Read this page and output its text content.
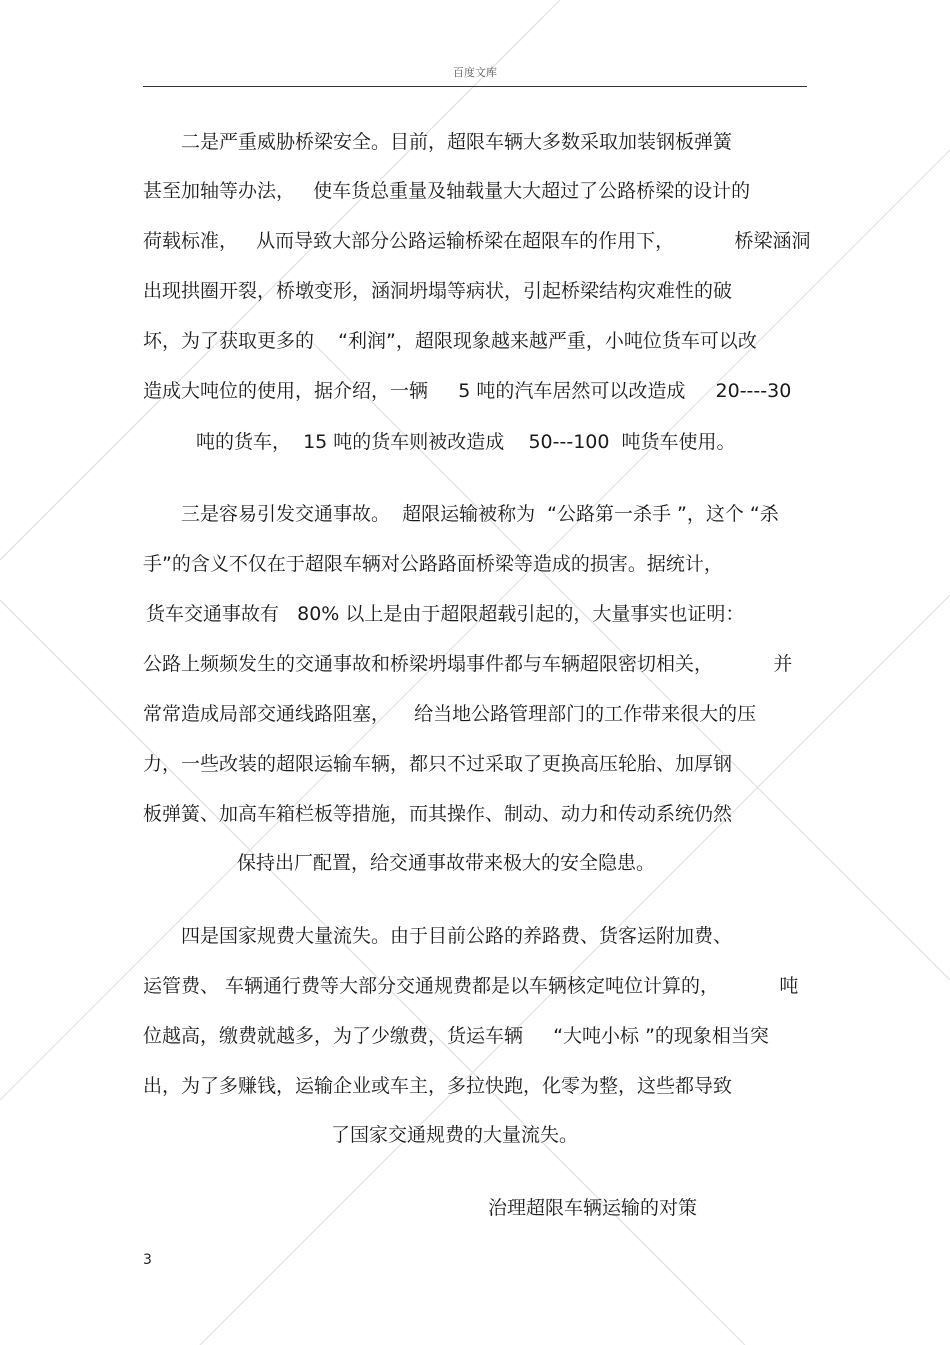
百度文库
二是严重威胁桥梁安全。目前，超限车辆大多数采取加装钢板弹簧
甚至加轴等办法，   使车货总重量及轴载量大大超过了公路桥梁的设计的
荷载标准，   从而导致大部分公路运输桥梁在超限车的作用下，          桥梁涵洞
出现拱圈开裂，桥墩变形，涵洞坍塌等病状，引起桥梁结构灾难性的破
坏，为了获取更多的    “利润”，超限现象越来越严重，小吨位货车可以改
造成大吨位的使用，据介绍，一辆     5 吨的汽车居然可以改造成     20----30
吨的货车，  15 吨的货车则被改造成    50---100  吨货车使用。
三是容易引发交通事故。  超限运输被称为  “公路第一杀手 ”，这个 “杀
手”的含义不仅在于超限车辆对公路路面桥梁等造成的损害。据统计，
货车交通事故有   80% 以上是由于超限超载引起的，大量事实也证明：
公路上频频发生的交通事故和桥梁坍塌事件都与车辆超限密切相关，          并
常常造成局部交通线路阻塞，    给当地公路管理部门的工作带来很大的压
力，一些改装的超限运输车辆，都只不过采取了更换高压轮胎、加厚钢
板弹簧、加高车箱栏板等措施，而其操作、制动、动力和传动系统仍然
保持出厂配置，给交通事故带来极大的安全隐患。
四是国家规费大量流失。由于目前公路的养路费、货客运附加费、
运管费、 车辆通行费等大部分交通规费都是以车辆核定吨位计算的，          吨
位越高，缴费就越多，为了少缴费，货运车辆     “大吨小标 ”的现象相当突
出，为了多赚钱，运输企业或车主，多拉快跑，化零为整，这些都导致
了国家交通规费的大量流失。
治理超限车辆运输的对策
3
